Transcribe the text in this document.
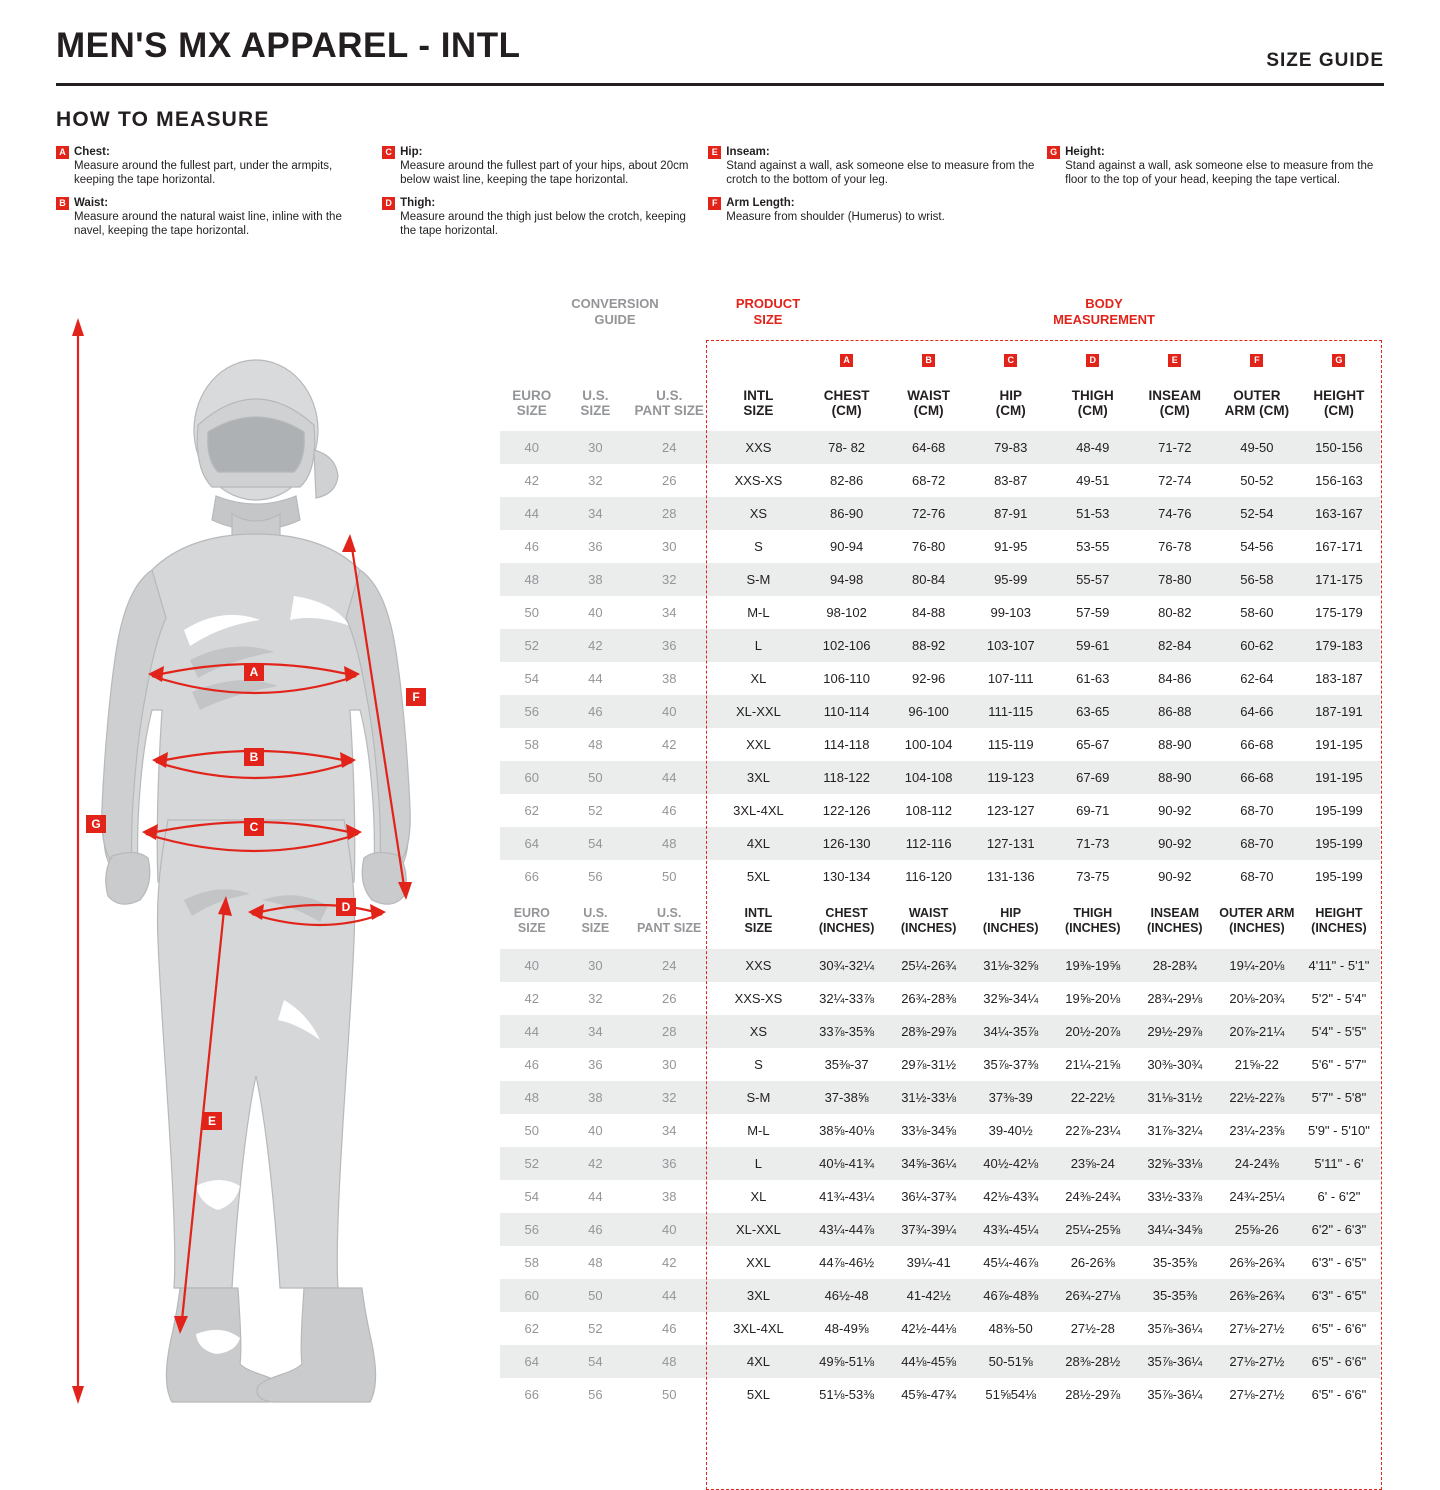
MEN'S MX APPAREL - INTL	SIZE GUIDE
HOW TO MEASURE
A Chest:
Measure around the fullest part, under the armpits, keeping the tape horizontal.
B Waist:
Measure around the natural waist line, inline with the navel, keeping the tape horizontal.
C Hip:
Measure around the fullest part of your hips, about 20cm below waist line, keeping the tape horizontal.
D Thigh:
Measure around the thigh just below the crotch, keeping the tape horizontal.
E Inseam:
Stand against a wall, ask someone else to measure from the crotch to the bottom of your leg.
F Arm Length:
Measure from shoulder (Humerus) to wrist.
G Height:
Stand against a wall, ask someone else to measure from the floor to the top of your head, keeping the tape vertical.
A
B
C
D
E
F
G
CONVERSION
GUIDE
PRODUCT
SIZE
BODY
MEASUREMENT
				A	B	C	D	E	F	G

EURO
SIZE

U.S.
SIZE

U.S.
PANT SIZE

INTL
SIZE

CHEST
(CM)

WAIST
(CM)

HIP
(CM)

THIGH
(CM)

INSEAM
(CM)

OUTER
ARM (CM)

HEIGHT
(CM)

40	30	24	XXS	78- 82	64-68	79-83	48-49	71-72	49-50	150-156
42	32	26	XXS-XS	82-86	68-72	83-87	49-51	72-74	50-52	156-163
44	34	28	XS	86-90	72-76	87-91	51-53	74-76	52-54	163-167
46	36	30	S	90-94	76-80	91-95	53-55	76-78	54-56	167-171
48	38	32	S-M	94-98	80-84	95-99	55-57	78-80	56-58	171-175
50	40	34	M-L	98-102	84-88	99-103	57-59	80-82	58-60	175-179
52	42	36	L	102-106	88-92	103-107	59-61	82-84	60-62	179-183
54	44	38	XL	106-110	92-96	107-111	61-63	84-86	62-64	183-187
56	46	40	XL-XXL	110-114	96-100	111-115	63-65	86-88	64-66	187-191
58	48	42	XXL	114-118	100-104	115-119	65-67	88-90	66-68	191-195
60	50	44	3XL	118-122	104-108	119-123	67-69	88-90	66-68	191-195
62	52	46	3XL-4XL	122-126	108-112	123-127	69-71	90-92	68-70	195-199
64	54	48	4XL	126-130	112-116	127-131	71-73	90-92	68-70	195-199
66	56	50	5XL	130-134	116-120	131-136	73-75	90-92	68-70	195-199

EURO
SIZE

U.S.
SIZE

U.S.
PANT SIZE

INTL
SIZE

CHEST
(INCHES)

WAIST
(INCHES)

HIP
(INCHES)

THIGH
(INCHES)

INSEAM
(INCHES)

OUTER ARM
(INCHES)

HEIGHT
(INCHES)

40	30	24	XXS	30¾-32¼	25¼-26¾	31⅛-32⅝	19⅜-19⅝	28-28¾	19¼-20⅛	4'11" - 5'1"
42	32	26	XXS-XS	32¼-33⅞	26¾-28⅜	32⅝-34¼	19⅝-20⅛	28¾-29⅛	20⅛-20¾	5'2" - 5'4"
44	34	28	XS	33⅞-35⅜	28⅜-29⅞	34¼-35⅞	20½-20⅞	29½-29⅞	20⅞-21¼	5'4" - 5'5"
46	36	30	S	35⅜-37	29⅞-31½	35⅞-37⅜	21¼-21⅝	30⅜-30¾	21⅝-22	5'6" - 5'7"
48	38	32	S-M	37-38⅝	31½-33⅛	37⅜-39	22-22½	31⅛-31½	22½-22⅞	5'7" - 5'8"
50	40	34	M-L	38⅝-40⅛	33⅛-34⅝	39-40½	22⅞-23¼	31⅞-32¼	23¼-23⅝	5'9" - 5'10"
52	42	36	L	40⅛-41¾	34⅝-36¼	40½-42⅛	23⅝-24	32⅝-33⅛	24-24⅜	5'11" - 6'
54	44	38	XL	41¾-43¼	36¼-37¾	42⅛-43¾	24⅜-24¾	33½-33⅞	24¾-25¼	6' - 6'2"
56	46	40	XL-XXL	43¼-44⅞	37¾-39¼	43¾-45¼	25¼-25⅝	34¼-34⅝	25⅝-26	6'2" - 6'3"
58	48	42	XXL	44⅞-46½	39¼-41	45¼-46⅞	26-26⅜	35-35⅜	26⅜-26¾	6'3" - 6'5"
60	50	44	3XL	46½-48	41-42½	46⅞-48⅜	26¾-27⅛	35-35⅜	26⅜-26¾	6'3" - 6'5"
62	52	46	3XL-4XL	48-49⅝	42½-44⅛	48⅜-50	27½-28	35⅞-36¼	27⅛-27½	6'5" - 6'6"
64	54	48	4XL	49⅝-51⅛	44⅛-45⅝	50-51⅝	28⅜-28½	35⅞-36¼	27⅛-27½	6'5" - 6'6"
66	56	50	5XL	51⅛-53⅜	45⅝-47¾	51⅝54⅛	28½-29⅞	35⅞-36¼	27⅛-27½	6'5" - 6'6"
